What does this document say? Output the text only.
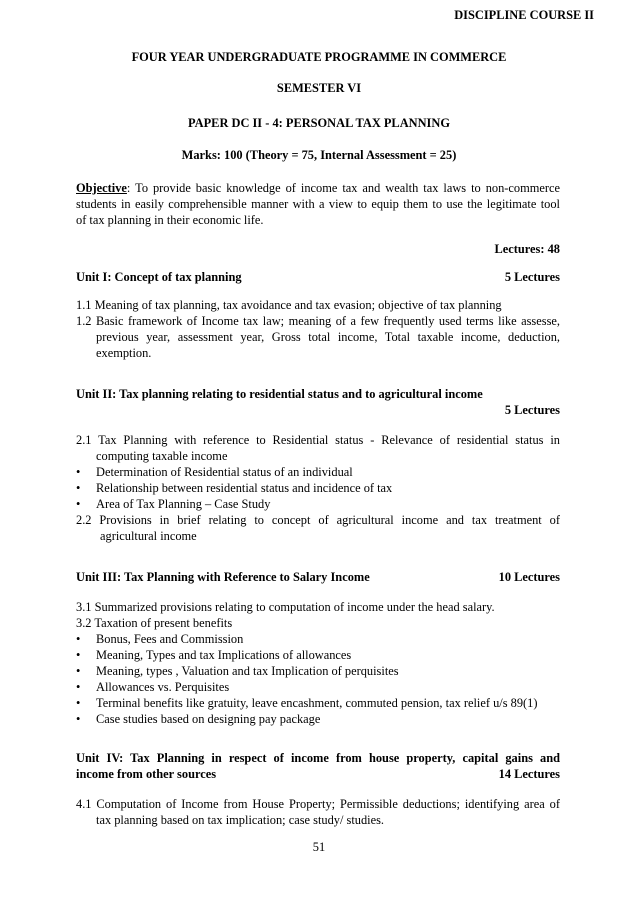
DISCIPLINE COURSE II
FOUR YEAR UNDERGRADUATE PROGRAMME IN COMMERCE
SEMESTER VI
PAPER DC II - 4: PERSONAL TAX PLANNING
Marks: 100 (Theory = 75, Internal Assessment = 25)
Objective: To provide basic knowledge of income tax and wealth tax laws to non-commerce
students in easily comprehensible manner with a view to equip them to use the legitimate tool
of tax planning in their economic life.
Lectures: 48
Unit I: Concept of tax planning	5 Lectures
1.1 Meaning of tax planning, tax avoidance and tax evasion; objective of tax planning
1.2 Basic framework of Income tax law; meaning of a few frequently used terms like assesse,
previous year, assessment year, Gross total income, Total taxable income, deduction,
exemption.
Unit II: Tax planning relating to residential status and to agricultural income
5 Lectures
2.1 Tax Planning with reference to Residential status - Relevance of residential status in
computing taxable income
• Determination of Residential status of an individual
• Relationship between residential status and incidence of tax
• Area of Tax Planning – Case Study
2.2 Provisions in brief relating to concept of agricultural income and tax treatment of
agricultural income
Unit III: Tax Planning with Reference to Salary Income	10 Lectures
3.1 Summarized provisions relating to computation of income under the head salary.
3.2 Taxation of present benefits
• Bonus, Fees and Commission
• Meaning, Types and tax Implications of allowances
• Meaning, types , Valuation and tax Implication of perquisites
• Allowances vs. Perquisites
• Terminal benefits like gratuity, leave encashment, commuted pension, tax relief u/s 89(1)
• Case studies based on designing pay package
Unit IV: Tax Planning in respect of income from house property, capital gains and
income from other sources	14 Lectures
4.1 Computation of Income from House Property; Permissible deductions; identifying area of
tax planning based on tax implication; case study/ studies.
51
